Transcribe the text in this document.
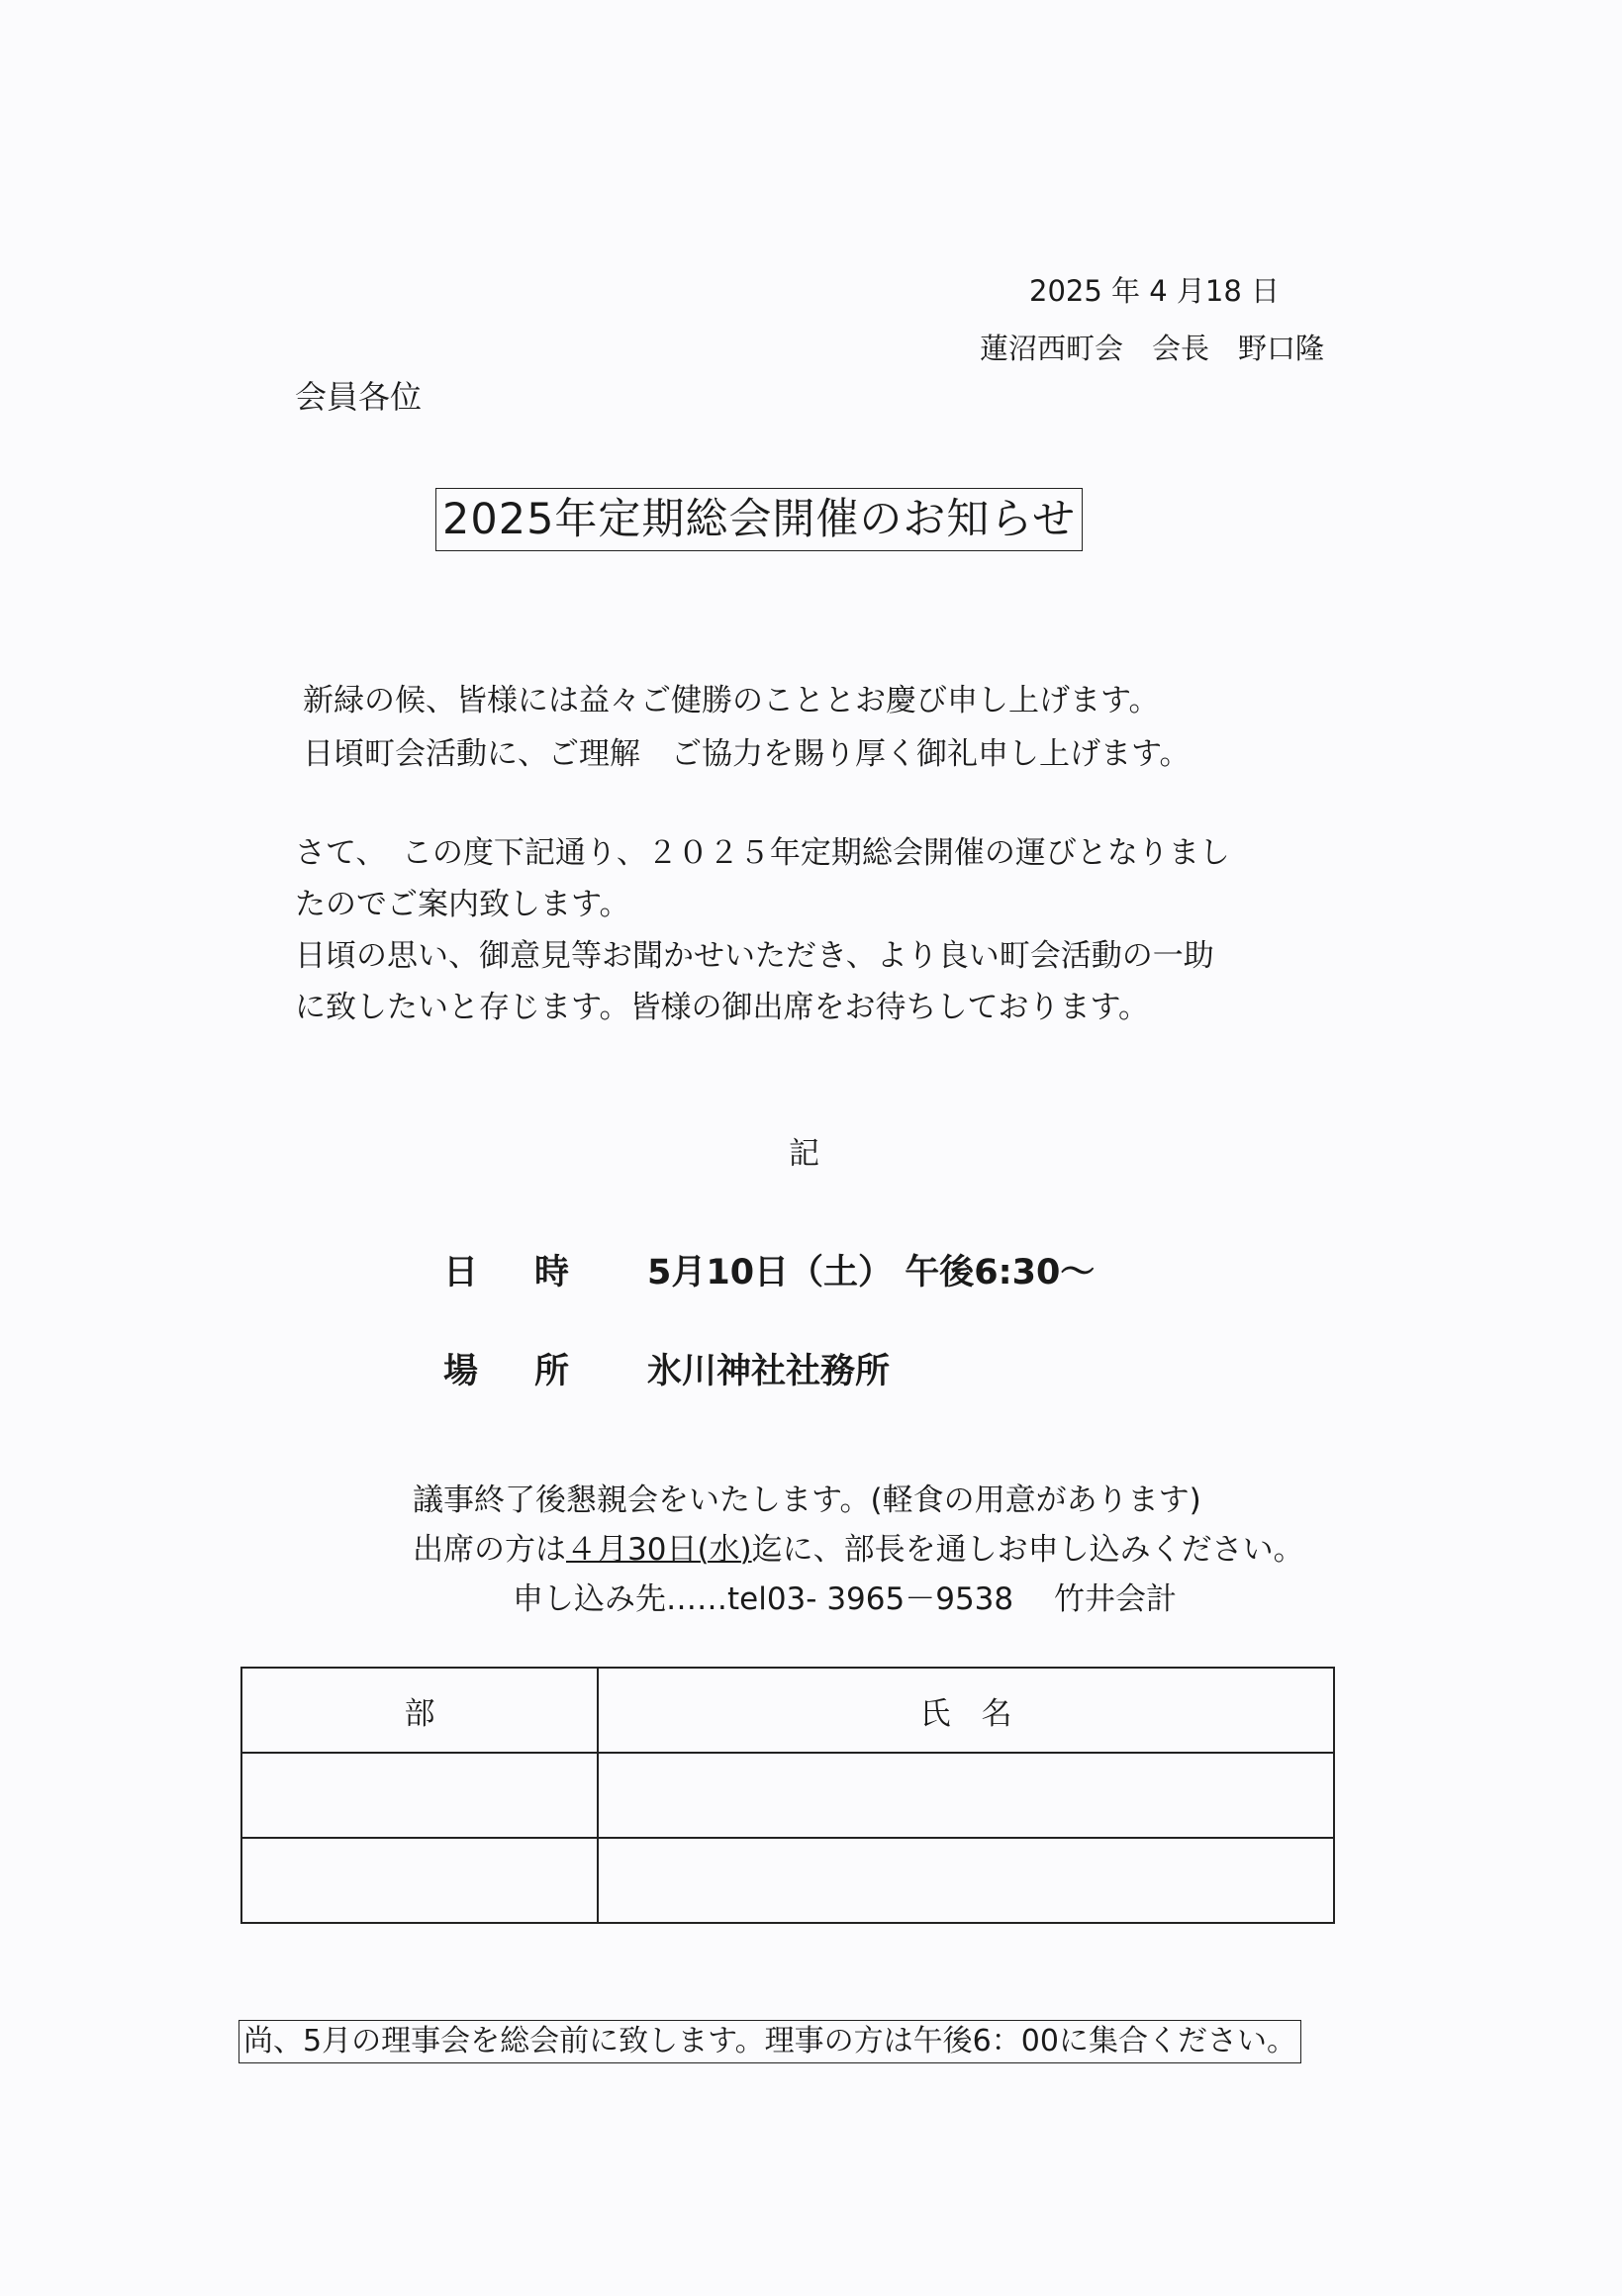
2025 年 4 月18 日
蓮沼西町会　会長　野口隆
会員各位
2025年定期総会開催のお知らせ
新緑の候、皆様には益々ご健勝のこととお慶び申し上げます。
日頃町会活動に、ご理解　ご協力を賜り厚く御礼申し上げます。
さて、　この度下記通り、２０２５年定期総会開催の運びとなりまし
たのでご案内致します。
日頃の思い、御意見等お聞かせいただき、より良い町会活動の一助
に致したいと存じます。皆様の御出席をお待ちしております。
記
日 時	5月10日（土） 午後6:30～
場 所	氷川神社社務所
議事終了後懇親会をいたします。(軽食の用意があります)
出席の方は４月30日(水)迄に、部長を通しお申し込みください。
申し込み先……tel03- 3965－9538　 竹井会計
部	氏　名

尚、5月の理事会を総会前に致します。理事の方は午後6：00に集合ください。
